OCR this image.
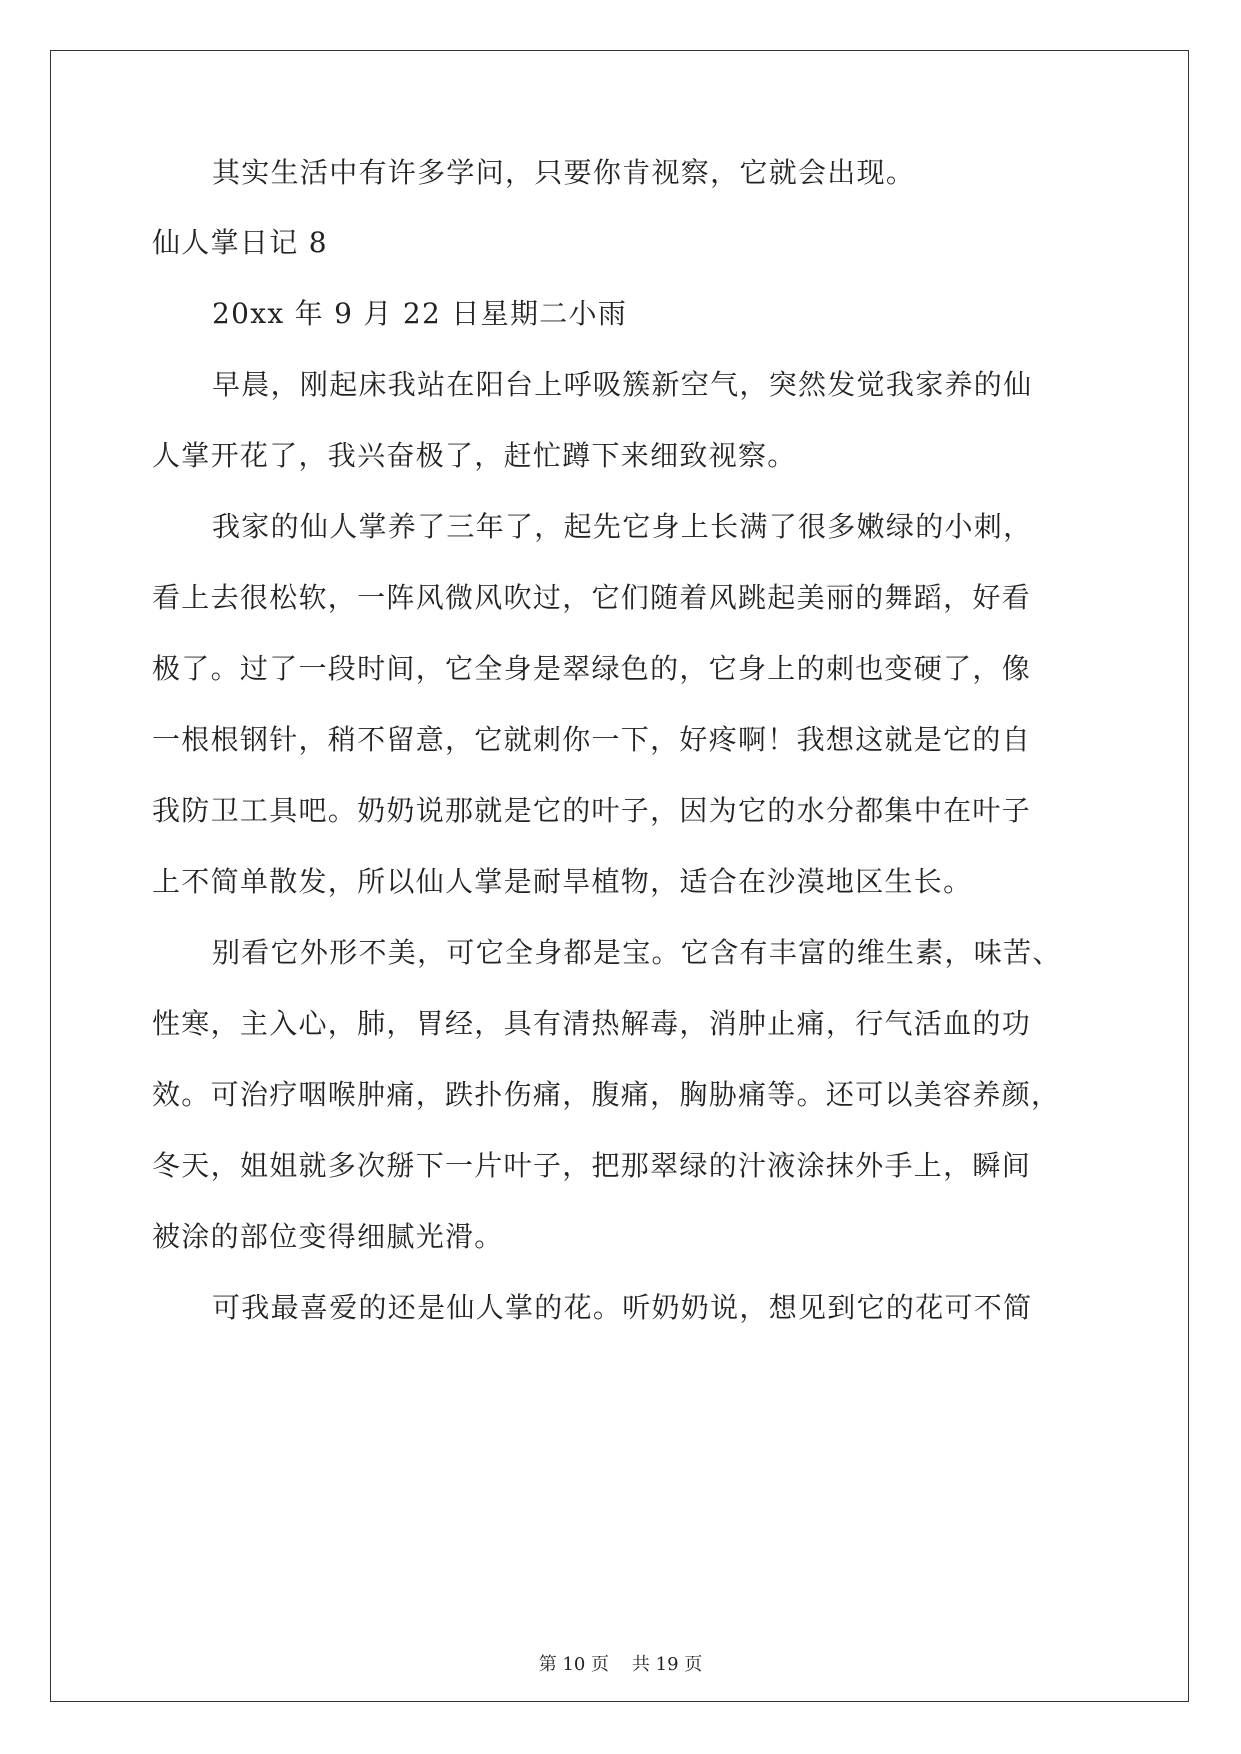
其实生活中有许多学问，只要你肯视察，它就会出现。

仙人掌日记 8

20xx 年 9 月 22 日星期二小雨

早晨，刚起床我站在阳台上呼吸簇新空气，突然发觉我家养的仙

人掌开花了，我兴奋极了，赶忙蹲下来细致视察。

我家的仙人掌养了三年了，起先它身上长满了很多嫩绿的小刺，

看上去很松软，一阵风微风吹过，它们随着风跳起美丽的舞蹈，好看

极了。过了一段时间，它全身是翠绿色的，它身上的刺也变硬了，像

一根根钢针，稍不留意，它就刺你一下，好疼啊！我想这就是它的自

我防卫工具吧。奶奶说那就是它的叶子，因为它的水分都集中在叶子

上不简单散发，所以仙人掌是耐旱植物，适合在沙漠地区生长。

别看它外形不美，可它全身都是宝。它含有丰富的维生素，味苦、

性寒，主入心，肺，胃经，具有清热解毒，消肿止痛，行气活血的功

效。可治疗咽喉肿痛，跌扑伤痛，腹痛，胸胁痛等。还可以美容养颜，

冬天，姐姐就多次掰下一片叶子，把那翠绿的汁液涂抹外手上，瞬间

被涂的部位变得细腻光滑。

可我最喜爱的还是仙人掌的花。听奶奶说，想见到它的花可不简

第 10 页    共 19 页
